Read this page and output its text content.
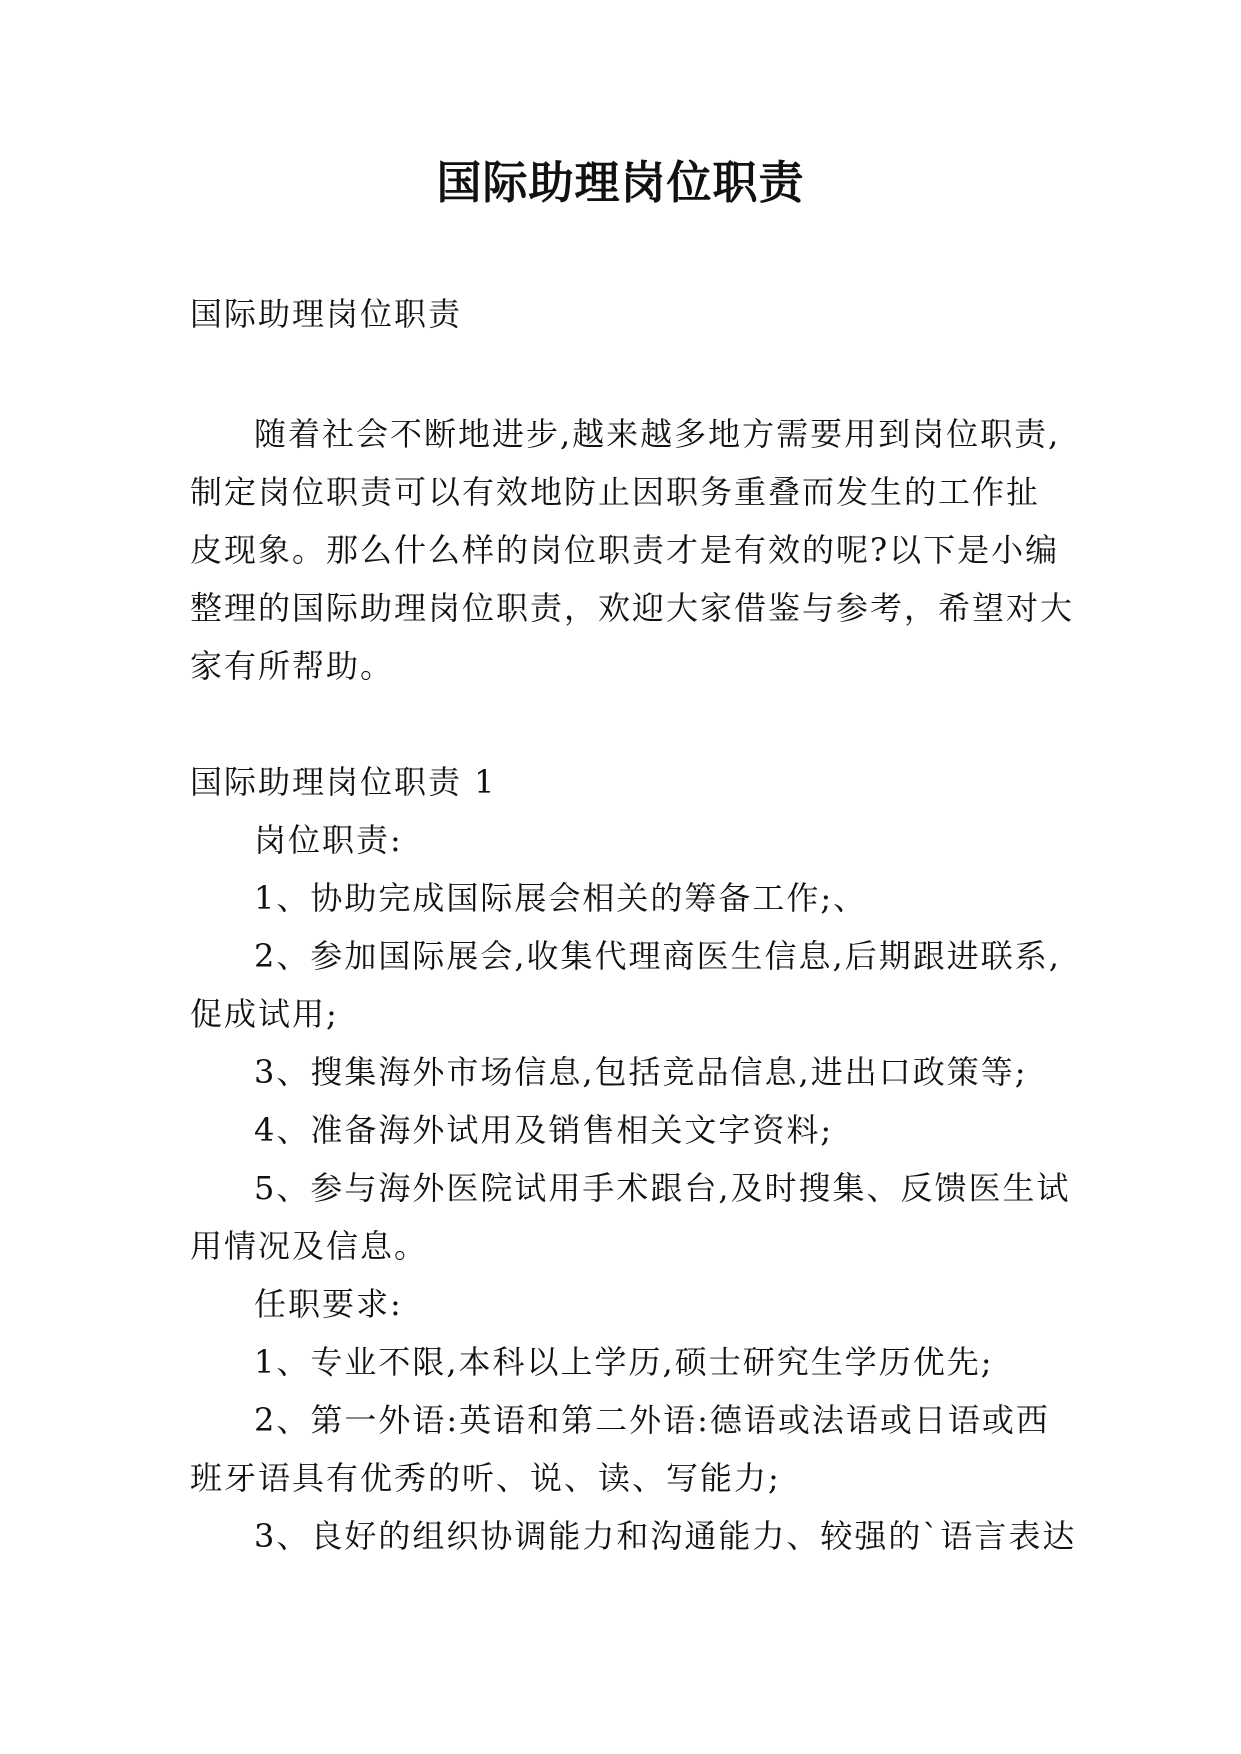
国际助理岗位职责
国际助理岗位职责
随着社会不断地进步,越来越多地方需要用到岗位职责,
制定岗位职责可以有效地防止因职务重叠而发生的工作扯
皮现象。那么什么样的岗位职责才是有效的呢?以下是小编
整理的国际助理岗位职责，欢迎大家借鉴与参考，希望对大
家有所帮助。
国际助理岗位职责 1
岗位职责:
1、协助完成国际展会相关的筹备工作;、
2、参加国际展会,收集代理商医生信息,后期跟进联系,
促成试用;
3、搜集海外市场信息,包括竞品信息,进出口政策等;
4、准备海外试用及销售相关文字资料;
5、参与海外医院试用手术跟台,及时搜集、反馈医生试
用情况及信息。
任职要求:
1、专业不限,本科以上学历,硕士研究生学历优先;
2、第一外语:英语和第二外语:德语或法语或日语或西
班牙语具有优秀的听、说、读、写能力;
3、良好的组织协调能力和沟通能力、较强的`语言表达
